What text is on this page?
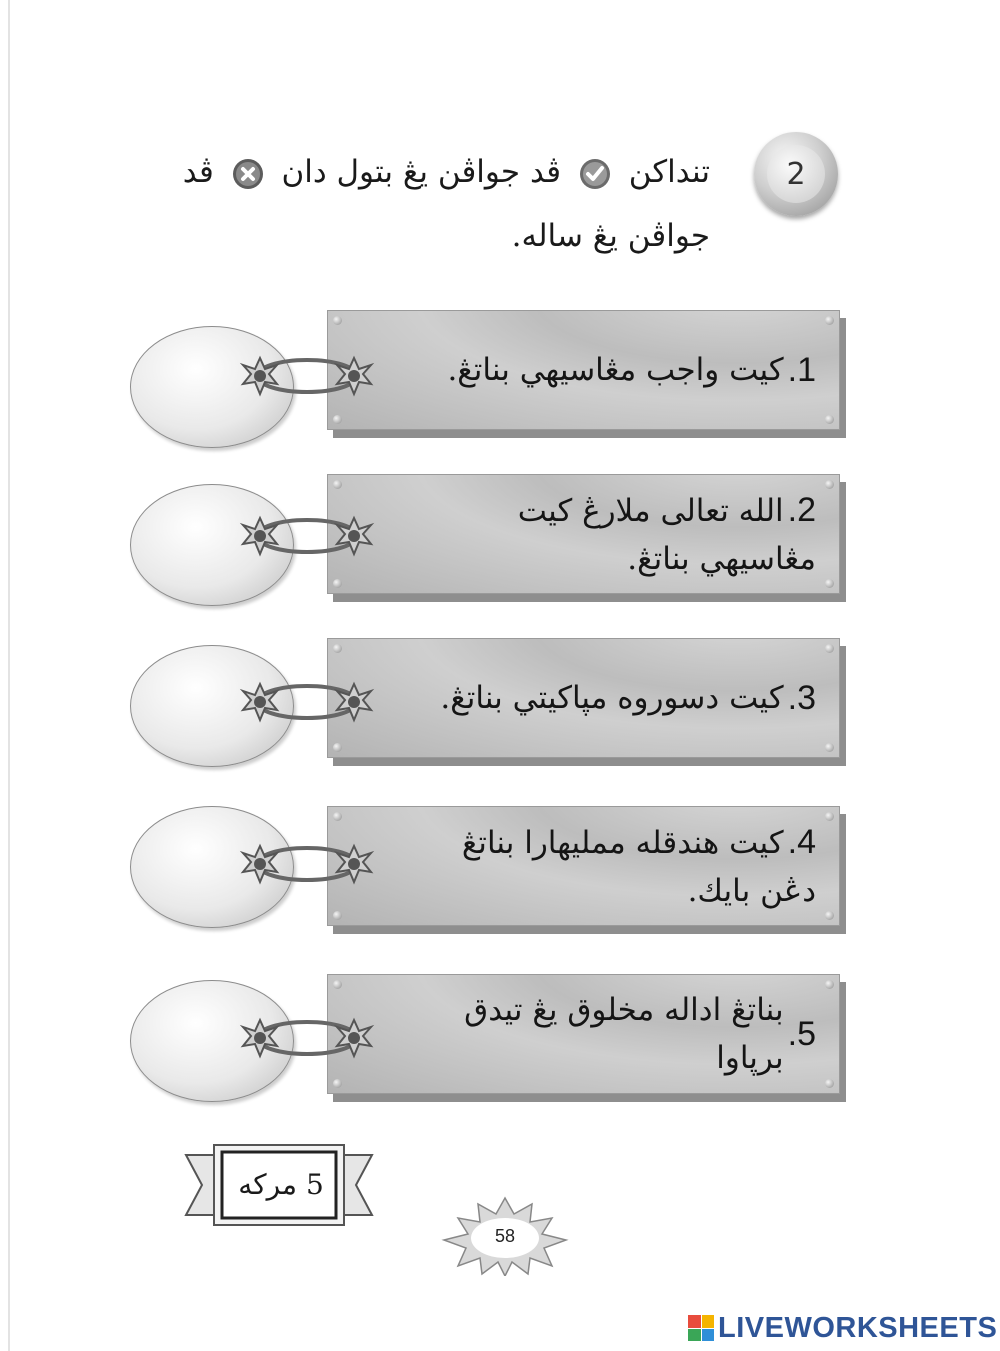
2
تنداكن  ڤد جواڤن يڠ بتول دان  ڤد
جواڤن يڠ ساله.
1.
كيت واجب مڠاسيهي بناتڠ.
2.الله تعالى ملارڠ كيت مڠاسيهي بناتڠ.
3.
كيت دسوروه مڽاكيتي بناتڠ.
4.كيت هندقله ممليهارا بناتڠ دڠن بايك.
5.
بناتڠ اداله مخلوق يڠ تيدق برڽاوا
5 مركه
58
LIVEWORKSHEETS
